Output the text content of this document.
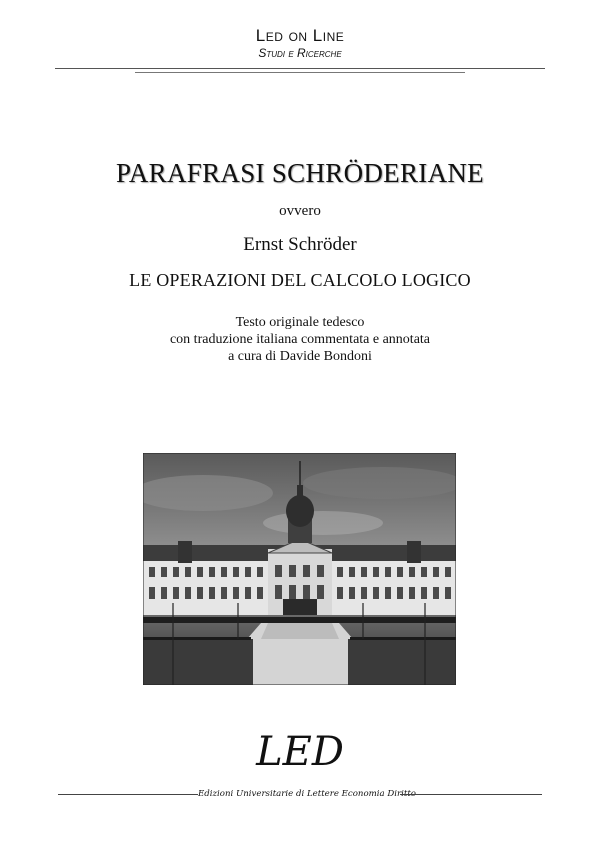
Led on Line
Studi e Ricerche
PARAFRASI SCHRÖDERIANE
ovvero
Ernst Schröder
LE OPERAZIONI DEL CALCOLO LOGICO
Testo originale tedesco
con traduzione italiana commentata e annotata
a cura di Davide Bondoni
LED
Edizioni Universitarie di Lettere Economia Diritto
